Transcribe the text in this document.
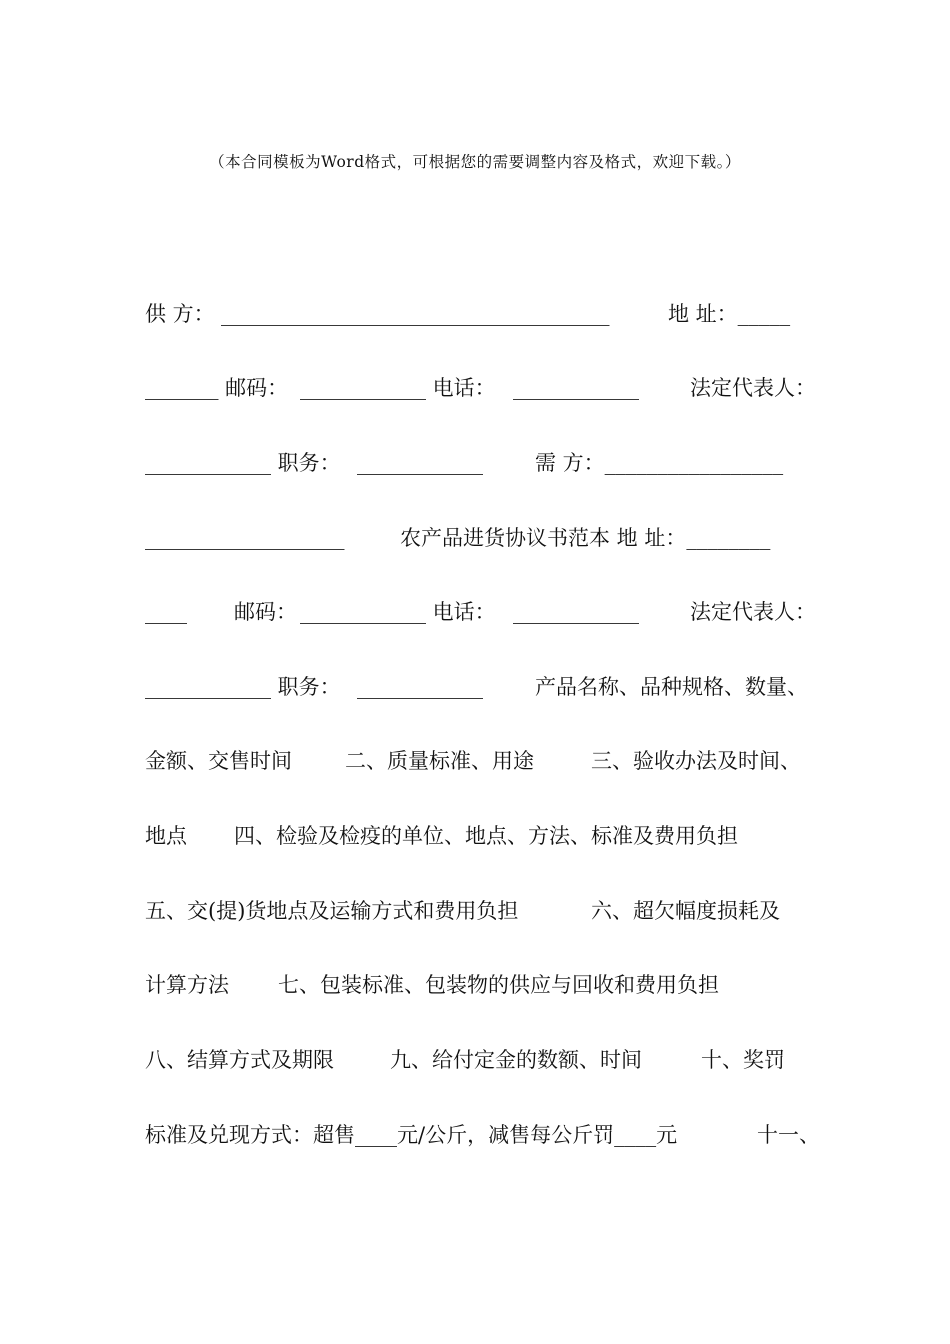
（本合同模板为Word格式，可根据您的需要调整内容及格式，欢迎下载。）
供 方： _____________________________________	地 址：_____
_______ 邮码： ____________ 电话： ____________ 法定代表人：
____________ 职务： ____________ 需 方：_________________
___________________	农产品进货协议书范本 地 址：________
____ 邮码： ____________ 电话： ____________ 法定代表人：
____________ 职务： ____________ 产品名称、品种规格、数量、
金额、交售时间	二、质量标准、用途	三、验收办法及时间、
地点 四、检验及检疫的单位、地点、方法、标准及费用负担
五、交(提)货地点及运输方式和费用负担	六、超欠幅度损耗及
计算方法 七、包装标准、包装物的供应与回收和费用负担
八、结算方式及期限	九、给付定金的数额、时间	十、奖罚
标准及兑现方式：超售____元/公斤，减售每公斤罚____元	十一、
